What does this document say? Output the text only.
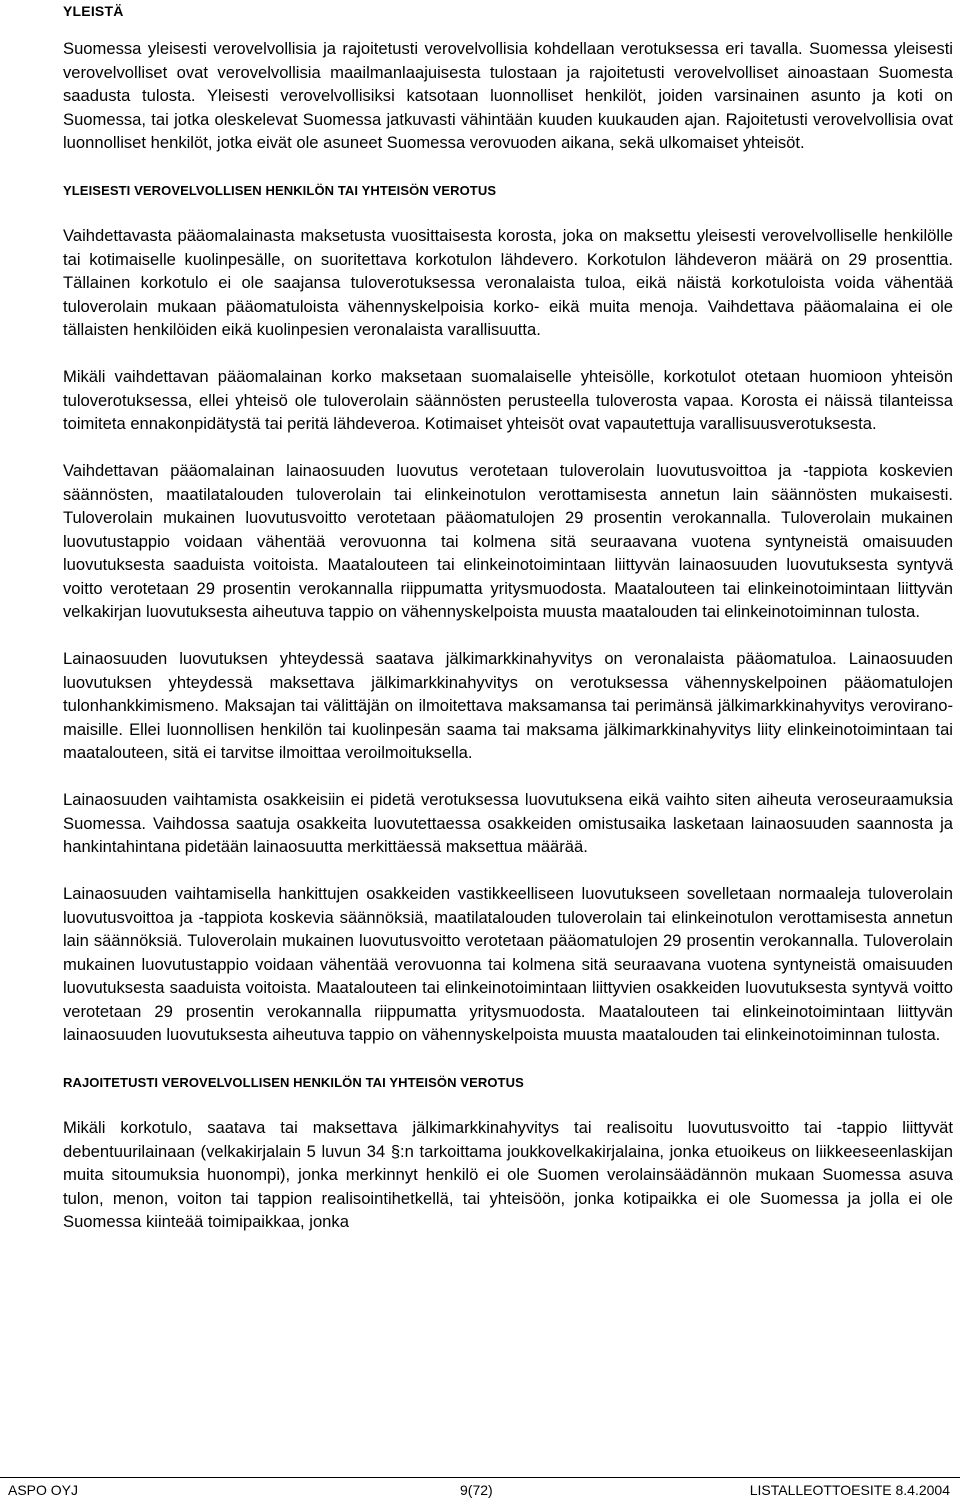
YLEISTÄ

Suomessa yleisesti verovelvollisia ja rajoitetusti verovelvollisia kohdellaan verotuksessa eri tavalla. Suomessa yleisesti verovelvolliset ovat verovelvollisia maailmanlaajuisesta tulostaan ja rajoitetusti verovelvolliset ainoastaan Suomesta saadusta tulosta. Yleisesti verovelvollisiksi katsotaan luonnolliset henkilöt, joiden varsinainen asunto ja koti on Suomessa, tai jotka oleskelevat Suomessa jatkuvasti vähintään kuuden kuukauden ajan. Rajoitetusti verovelvollisia ovat luonnolliset henkilöt, jotka eivät ole asuneet Suomessa verovuoden aikana, sekä ulkomaiset yhteisöt.

YLEISESTI VEROVELVOLLISEN HENKILÖN TAI YHTEISÖN VEROTUS

Vaihdettavasta pääomalainasta maksetusta vuosittaisesta korosta, joka on maksettu yleisesti verovelvolliselle henkilölle tai kotimaiselle kuolinpesälle, on suoritettava korkotulon lähdevero. Korkotulon lähdeveron määrä on 29 prosenttia. Tällainen korkotulo ei ole saajansa tuloverotuksessa veronalaista tuloa, eikä näistä korkotuloista voida vähentää tuloverolain mukaan pääomatuloista vähennyskelpoisia korko- eikä muita menoja. Vaihdettava pääomalaina ei ole tällaisten henkilöiden eikä kuolinpesien veronalaista varallisuutta.

Mikäli vaihdettavan pääomalainan korko maksetaan suomalaiselle yhteisölle, korkotulot otetaan huomioon yhteisön tuloverotuksessa, ellei yhteisö ole tuloverolain säännösten perusteella tuloverosta vapaa. Korosta ei näissä tilanteissa toimiteta ennakonpidätystä tai peritä lähdeveroa. Kotimaiset yhteisöt ovat vapautettuja varallisuusverotuksesta.

Vaihdettavan pääomalainan lainaosuuden luovutus verotetaan tuloverolain luovutusvoittoa ja -tappiota koskevien säännösten, maatilatalouden tuloverolain tai elinkeinotulon verottamisesta annetun lain säännösten mukaisesti. Tuloverolain mukainen luovutusvoitto verotetaan pääomatulojen 29 prosentin verokannalla. Tuloverolain mukainen luovutustappio voidaan vähentää verovuonna tai kolmena sitä seuraavana vuotena syntyneistä omaisuuden luovutuksesta saaduista voitoista. Maatalouteen tai elinkeinotoimintaan liittyvän lainaosuuden luovutuksesta syntyvä voitto verotetaan 29 prosentin verokannalla riippumatta yritysmuodosta. Maatalouteen tai elinkeinotoimintaan liittyvän velkakirjan luovutuksesta aiheutuva tappio on vähennyskelpoista muusta maatalouden tai elinkeinotoiminnan tulosta.

Lainaosuuden luovutuksen yhteydessä saatava jälkimarkkinahyvitys on veronalaista pääomatuloa. Lainaosuuden luovutuksen yhteydessä maksettava jälkimarkkinahyvitys on verotuksessa vähennyskelpoinen pääomatulojen tulonhankkimismeno. Maksajan tai välittäjän on ilmoitettava maksamansa tai perimänsä jälkimarkkinahyvitys veroviranomaisille. Ellei luonnollisen henkilön tai kuolinpesän saama tai maksama jälkimarkkinahyvitys liity elinkeinotoimintaan tai maatalouteen, sitä ei tarvitse ilmoittaa veroilmoituksella.

Lainaosuuden vaihtamista osakkeisiin ei pidetä verotuksessa luovutuksena eikä vaihto siten aiheuta veroseuraamuksia Suomessa. Vaihdossa saatuja osakkeita luovutettaessa osakkeiden omistusaika lasketaan lainaosuuden saannosta ja hankintahintana pidetään lainaosuutta merkittäessä maksettua määrää.

Lainaosuuden vaihtamisella hankittujen osakkeiden vastikkeelliseen luovutukseen sovelletaan normaaleja tuloverolain luovutusvoittoa ja -tappiota koskevia säännöksiä, maatilatalouden tuloverolain tai elinkeinotulon verottamisesta annetun lain säännöksiä. Tuloverolain mukainen luovutusvoitto verotetaan pääomatulojen 29 prosentin verokannalla. Tuloverolain mukainen luovutustappio voidaan vähentää verovuonna tai kolmena sitä seuraavana vuotena syntyneistä omaisuuden luovutuksesta saaduista voitoista. Maatalouteen tai elinkeinotoimintaan liittyvien osakkeiden luovutuksesta syntyvä voitto verotetaan 29 prosentin verokannalla riippumatta yritysmuodosta. Maatalouteen tai elinkeinotoimintaan liittyvän lainaosuuden luovutuksesta aiheutuva tappio on vähennyskelpoista muusta maatalouden tai elinkeinotoiminnan tulosta.

RAJOITETUSTI VEROVELVOLLISEN HENKILÖN TAI YHTEISÖN VEROTUS

Mikäli korkotulo, saatava tai maksettava jälkimarkkinahyvitys tai realisoitu luovutusvoitto tai -tappio liittyvät debentuurilainaan (velkakirjalain 5 luvun 34 §:n tarkoittama joukkovelkakirjalaina, jonka etuoikeus on liikkeeseenlaskijan muita sitoumuksia huonompi), jonka merkinnyt henkilö ei ole Suomen verolainsäädännön mukaan Suomessa asuva tulon, menon, voiton tai tappion realisointihetkellä, tai yhteisöön, jonka kotipaikka ei ole Suomessa ja jolla ei ole Suomessa kiinteää toimipaikkaa, jonka

ASPO OYJ	9(72)	LISTALLEOTTOESITE 8.4.2004
